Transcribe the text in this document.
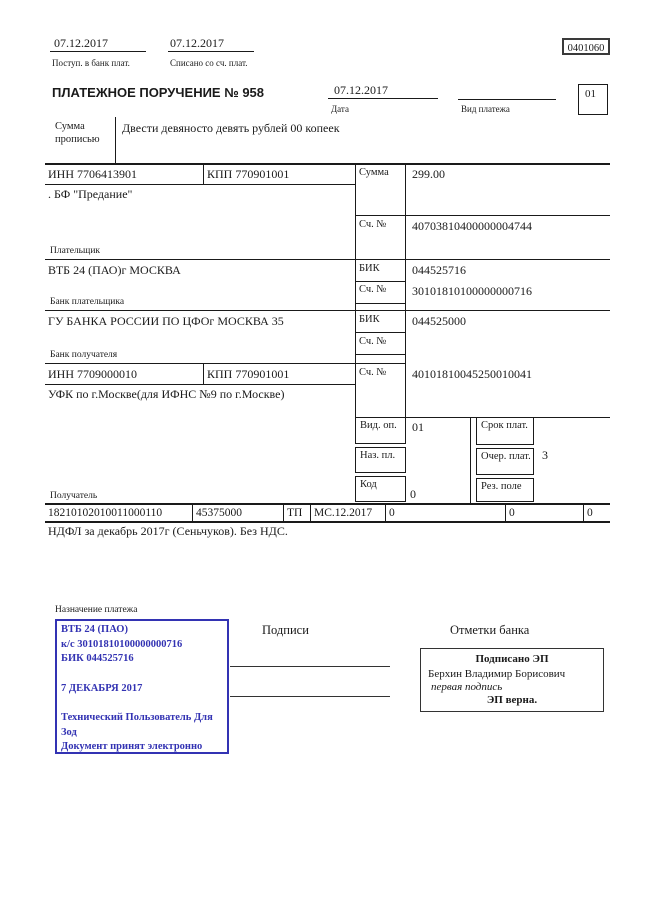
07.12.2017
Поступ. в банк плат.
07.12.2017
Списано со сч. плат.
0401060
ПЛАТЕЖНОЕ ПОРУЧЕНИЕ № 958	07.12.2017
Дата	Вид платежа
01
Сумма прописью
Двести девяносто девять рублей 00 копеек
ИНН 7706413901	КПП 770901001
. БФ "Предание"
Плательщик
Сумма 299.00
Сч. № 40703810400000004744
ВТБ 24 (ПАО)г МОСКВА
Банк плательщика
БИК	044525716
Сч. № 30101810100000000716
ГУ БАНКА РОССИИ ПО ЦФОг МОСКВА 35
Банк получателя
БИК	044525000
Сч. №
ИНН 7709000010	КПП 770901001
УФК по г.Москве(для ИФНС №9 по г.Москве)
Получатель
Сч. № 40101810045250010041
Вид. оп.	01
Наз. пл.
Код
0
Срок плат.
Очер. плат. 3
Рез. поле
18210102010011000110	45375000	ТП МС.12.2017 0	0	0
НДФЛ за декабрь 2017г (Сеньчуков). Без НДС.
Назначение платежа
ВТБ 24 (ПАО)
к/с 30101810100000000716
БИК 044525716
7 ДЕКАБРЯ 2017
Технический Пользователь Для Зод
Документ принят электронно
Подписи	Отметки банка
Подписано ЭП
Берхин Владимир Борисович
первая подпись
ЭП верна.
